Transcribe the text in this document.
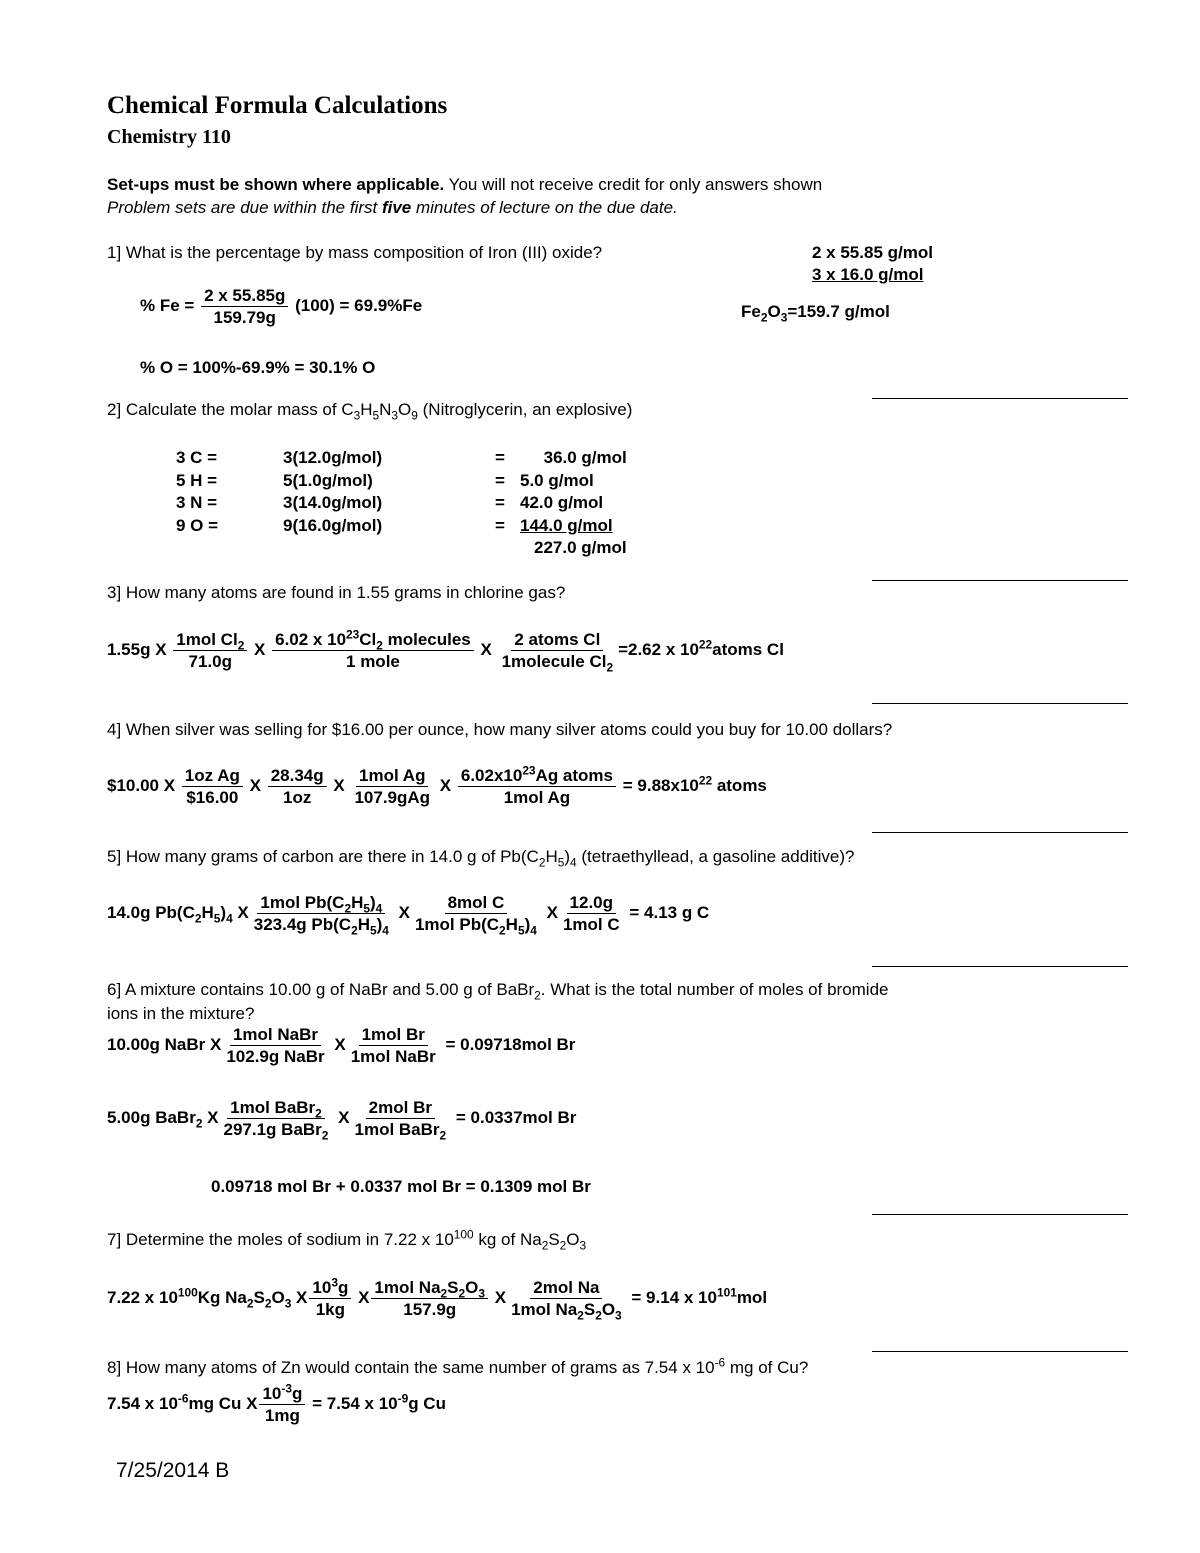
Chemical Formula Calculations
Chemistry 110
Set-ups must be shown where applicable. You will not receive credit for only answers shown
Problem sets are due within the first five minutes of lecture on the due date.
1] What is the percentage by mass composition of Iron (III) oxide?	2 x 55.85 g/mol
3 x 16.0 g/mol
% $Fe = \frac{2 x 55.85g}{159.79g} (100) = 69.9\%Fe$	$Fe_2O_3=159.7$ g/mol
% O = 100%-69.9% = 30.1% O
2] Calculate the molar mass of $C_3H_5N_3O_9$ (Nitroglycerin, an explosive)
3 C =	3(12.0g/mol)	=	36.0 g/mol
5 H =	5(1.0g/mol)	=	5.0 g/mol
3 N =	3(14.0g/mol)	=	42.0 g/mol
9 O =	9(16.0g/mol)	=	144.0 g/mol
			227.0 g/mol
3] How many atoms are found in 1.55 grams in chlorine gas?
1.55g X $\frac{1mol Cl_2}{71.0g}$ X $\frac{6.02 x 10^{23}Cl_2 molecules}{\text{1 mole}}$ X $\frac{\text{2 atoms Cl}}{1molecule Cl_2} =2.62$ x $10^{22}atoms$ Cl
4] When silver was selling for $16.00 per ounce, how many silver atoms could you buy for 10.00 dollars?
$10.00 X $\frac{\text{1oz Ag}}{\$16.00}$ X $\frac{28.34g}{1oz}$ X $\frac{\text{1mol Ag}}{\text{107.9gAg}}$ X $\frac{6.02x10^{23}Ag atoms}{\text{1mol Ag}} = 9.88x10^{22}$ atoms
5] How many grams of carbon are there in 14.0 g of $Pb(C_2H_5)_4$ (tetraethyllead, a gasoline additive)?
14.0g $Pb(C_2H_5)_4$ X $\frac{1mol Pb(C_2H_5)_4}{323.4g Pb(C_2H_5)_4}$ X $\frac{\text{8mol C}}{1mol Pb(C_2H_5)_4}$ X $\frac{12.0g}{\text{1mol C}} = 4.13$ g C
6] A mixture contains 10.00 g of NaBr and 5.00 g of BaBr$_2$. What is the total number of moles of bromide
ions in the mixture?
10.00g NaBr X $\frac{\text{1mol NaBr}}{\text{102.9g NaBr}}$ X $\frac{\text{1mol Br}}{\text{1mol NaBr}} = 0.09718mol$ Br
5.00g BaBr$_2$ X $\frac{1mol BaBr_2}{297.1g BaBr_2}$ X $\frac{\text{2mol Br}}{1mol BaBr_2} = 0.0337mol$ Br
0.09718 mol Br + 0.0337 mol Br = 0.1309 mol Br
7] Determine the moles of sodium in 7.22 x $10^{100}$ kg of $Na_2S_2O_3$
7.22 x $10^{100}Kg$ $Na_2S_2O_3$ X $\frac{10^3g}{1kg}$ X $\frac{1mol Na_2S_2O_3}{157.9g}$ X $\frac{\text{2mol Na}}{1mol Na_2S_2O_3} = 9.14$ x $10^{101}mol$
8] How many atoms of Zn would contain the same number of grams as 7.54 x $10^{-6}$ mg of Cu?
7.54 x $10^{-6}mg$ Cu X $\frac{10^{-3}g}{1mg} = 7.54$ x $10^{-9}g$ Cu
7/25/2014 B
